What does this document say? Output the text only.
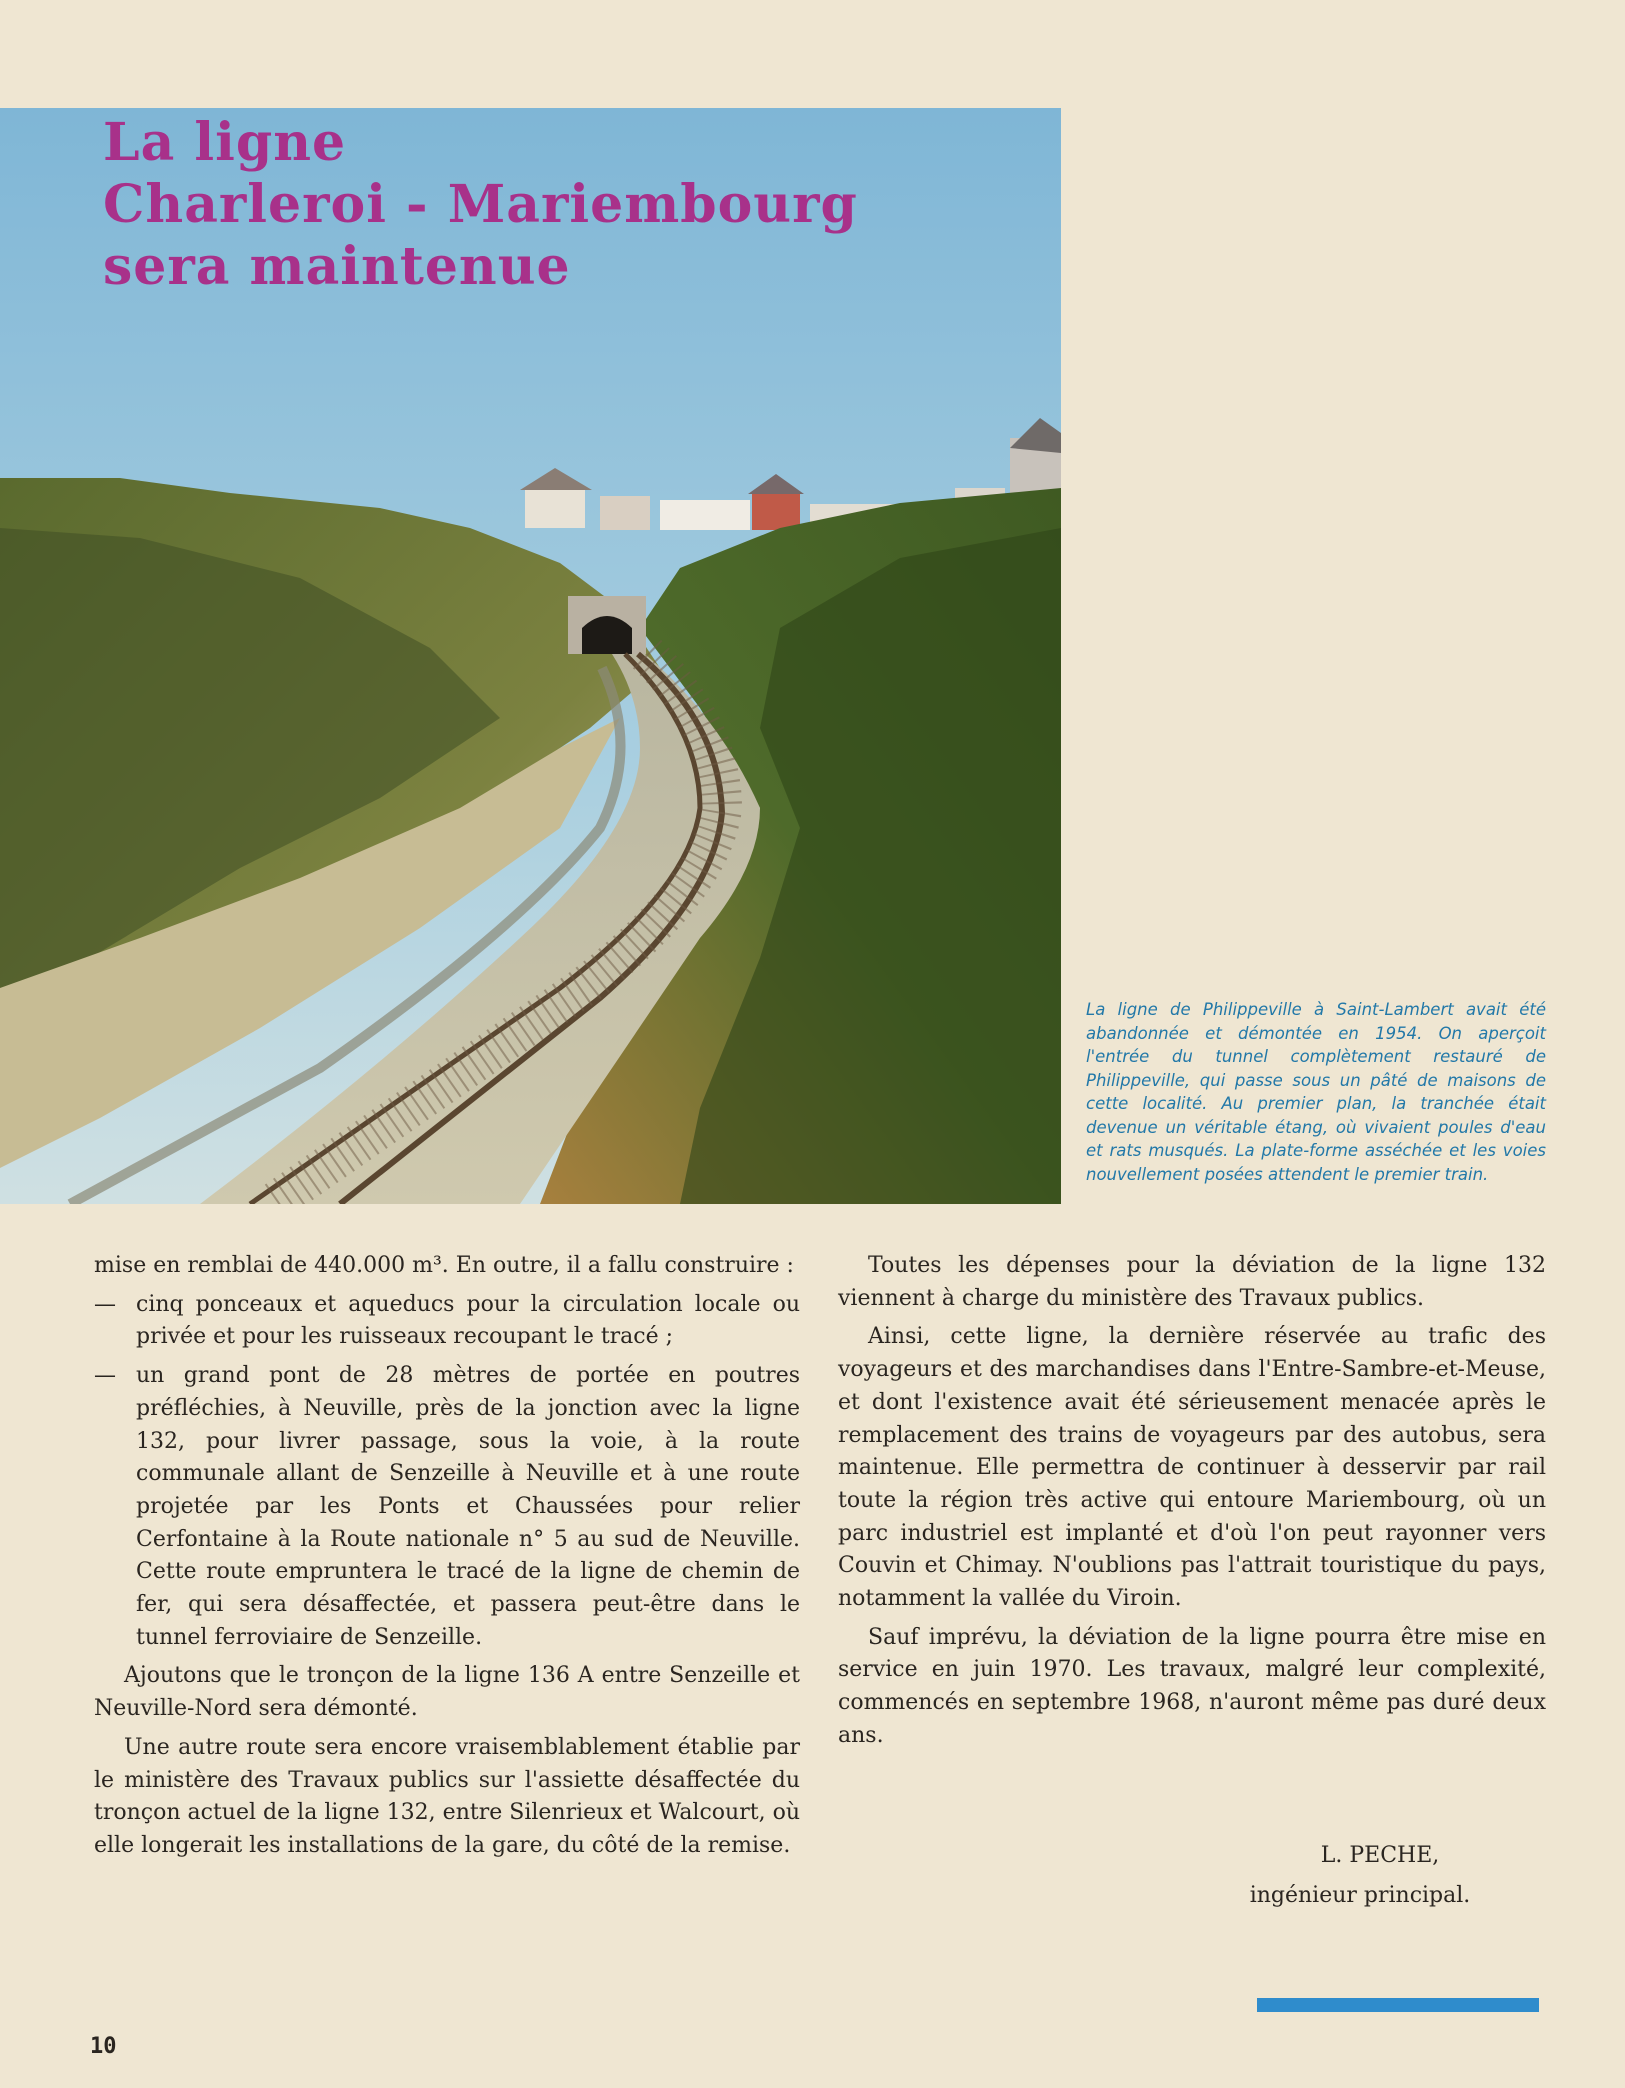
La ligne
Charleroi - Mariembourg
sera maintenue

La ligne de Philippeville à Saint-Lambert avait été abandonnée et démontée en 1954. On aperçoit l'entrée du tunnel complètement restauré de Philippeville, qui passe sous un pâté de maisons de cette localité. Au premier plan, la tranchée était devenue un véritable étang, où vivaient poules d'eau et rats musqués. La plate-forme asséchée et les voies nouvellement posées attendent le premier train.

mise en remblai de 440.000 m³. En outre, il a fallu construire :

— cinq ponceaux et aqueducs pour la circulation locale ou privée et pour les ruisseaux recoupant le tracé ;
— un grand pont de 28 mètres de portée en poutres préfléchies, à Neuville, près de la jonction avec la ligne 132, pour livrer passage, sous la voie, à la route communale allant de Senzeille à Neuville et à une route projetée par les Ponts et Chaussées pour relier Cerfontaine à la Route nationale n° 5 au sud de Neuville. Cette route empruntera le tracé de la ligne de chemin de fer, qui sera désaffectée, et passera peut-être dans le tunnel ferroviaire de Senzeille.

Ajoutons que le tronçon de la ligne 136 A entre Senzeille et Neuville-Nord sera démonté.

Une autre route sera encore vraisemblablement établie par le ministère des Travaux publics sur l'assiette désaffectée du tronçon actuel de la ligne 132, entre Silenrieux et Walcourt, où elle longerait les installations de la gare, du côté de la remise.

Toutes les dépenses pour la déviation de la ligne 132 viennent à charge du ministère des Travaux publics.

Ainsi, cette ligne, la dernière réservée au trafic des voyageurs et des marchandises dans l'Entre-Sambre-et-Meuse, et dont l'existence avait été sérieusement menacée après le remplacement des trains de voyageurs par des autobus, sera maintenue. Elle permettra de continuer à desservir par rail toute la région très active qui entoure Mariembourg, où un parc industriel est implanté et d'où l'on peut rayonner vers Couvin et Chimay. N'oublions pas l'attrait touristique du pays, notamment la vallée du Viroin.

Sauf imprévu, la déviation de la ligne pourra être mise en service en juin 1970. Les travaux, malgré leur complexité, commencés en septembre 1968, n'auront même pas duré deux ans.

L. PECHE,
ingénieur principal.
10
